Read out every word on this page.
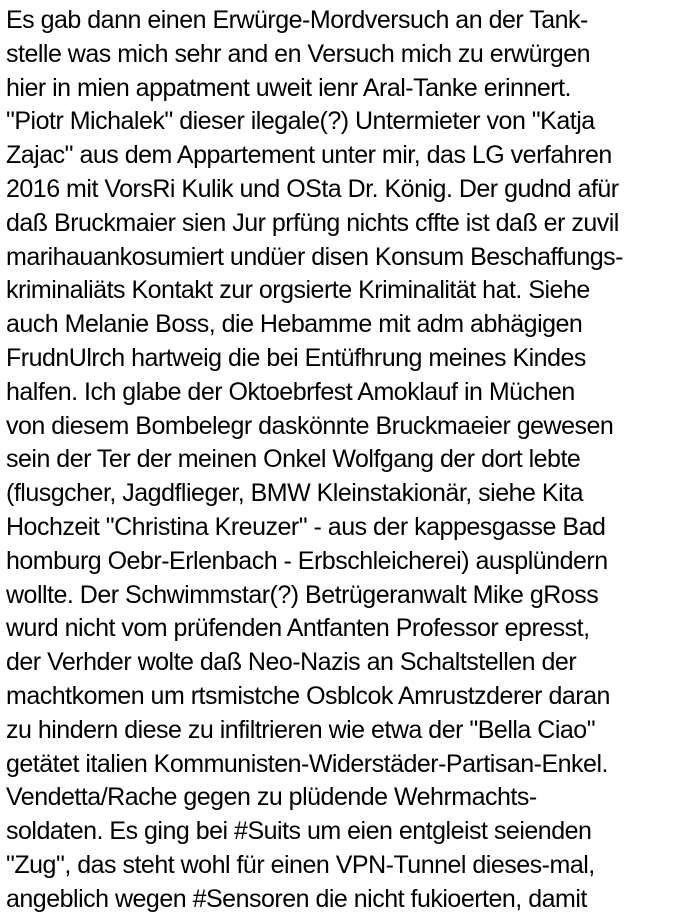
Es gab dann einen Erwürge-Mordversuch an der Tank-

stelle was mich sehr and en Versuch mich zu erwürgen

hier in mien appatment uweit ienr Aral-Tanke erinnert.

"Piotr Michalek" dieser ilegale(?) Untermieter von "Katja

Zajac" aus dem Appartement unter mir, das LG verfahren

2016 mit VorsRi Kulik und OSta Dr. König. Der gudnd afür

daß Bruckmaier sien Jur prfüng nichts cffte ist daß er zuvil

marihauankosumiert undüer disen Konsum Beschaffungs-

kriminaliäts Kontakt zur orgsierte Kriminalität hat. Siehe

auch Melanie Boss, die Hebamme mit adm abhägigen

FrudnUlrch hartweig die bei Entüfhrung meines Kindes

halfen. Ich glabe der Oktoebrfest Amoklauf in Müchen

von diesem Bombelegr daskönnte Bruckmaeier gewesen

sein der Ter der meinen Onkel Wolfgang der dort lebte

(flusgcher, Jagdflieger, BMW Kleinstakionär, siehe Kita

Hochzeit "Christina Kreuzer" - aus der kappesgasse Bad

homburg Oebr-Erlenbach - Erbschleicherei) ausplündern

wollte. Der Schwimmstar(?) Betrügeranwalt Mike gRoss

wurd nicht vom prüfenden Antfanten Professor epresst,

der Verhder wolte daß Neo-Nazis an Schaltstellen der

machtkomen um rtsmistche Osblcok Amrustzderer daran

zu hindern diese zu infiltrieren wie etwa der "Bella Ciao"

getätet italien Kommunisten-Widerstäder-Partisan-Enkel.

Vendetta/Rache gegen zu plüdende Wehrmachts-

soldaten. Es ging bei #Suits um eien entgleist seienden

"Zug", das steht wohl für einen VPN-Tunnel dieses-mal,

angeblich wegen #Sensoren die nicht fukioerten, damit
